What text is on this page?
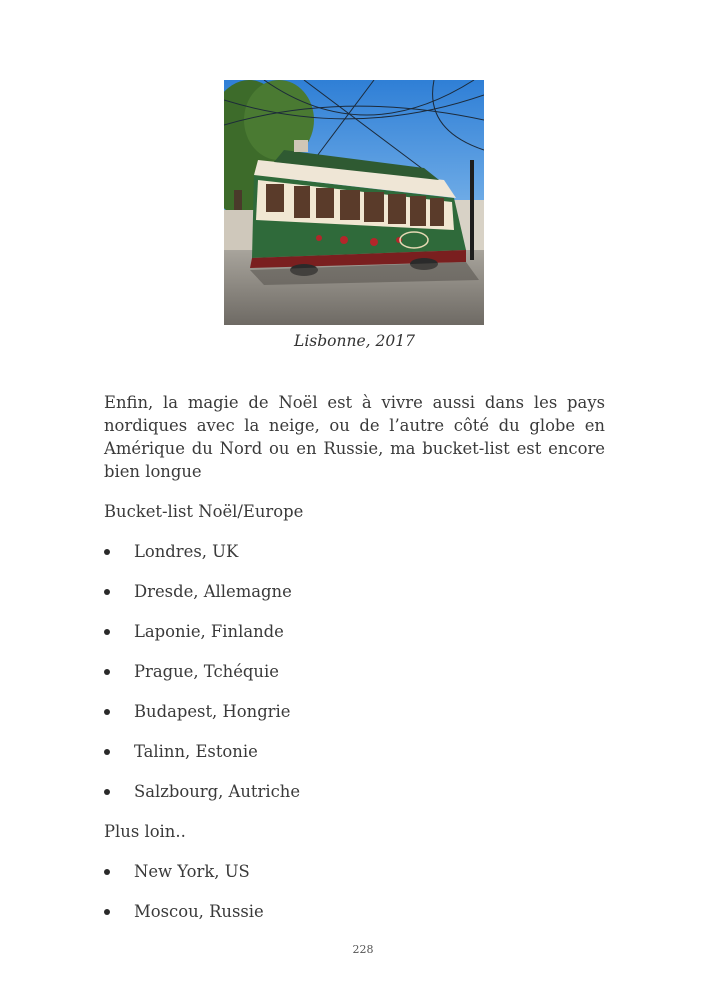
Lisbonne, 2017

Enfin, la magie de Noël est à vivre aussi dans les pays nordiques avec la neige, ou de l’autre côté du globe en Amérique du Nord ou en Russie, ma bucket-list est encore bien longue

Bucket-list Noël/Europe
Londres, UK
Dresde, Allemagne
Laponie, Finlande
Prague, Tchéquie
Budapest, Hongrie
Talinn, Estonie
Salzbourg, Autriche
Plus loin..
New York, US
Moscou, Russie
228
